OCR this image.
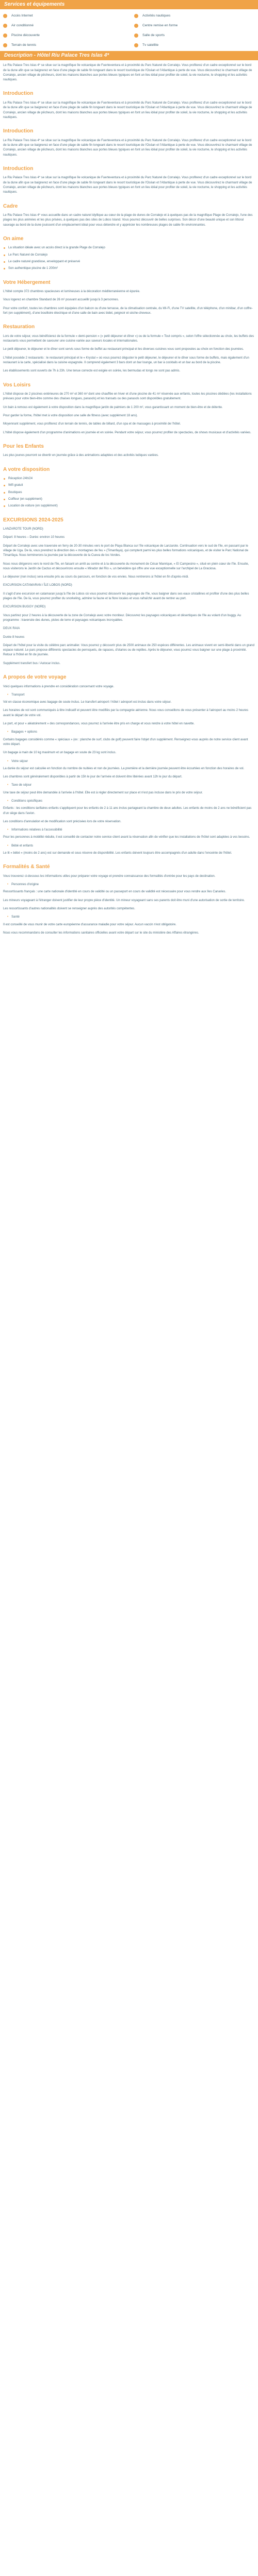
Services et équipements
Accès Internet	Activités nautiques
Air conditionné	Centre remise en forme
Piscine découverte	Salle de sports
Terrain de tennis	Tv satellite
Description - Hôtel Riu Palace Tres Islas 4*

Le Riu Palace Tres Islas 4* se situe sur la magnifique île volcanique de Fuerteventura et à proximité du Parc Naturel de Corralejo. Vous profiterez d'un cadre exceptionnel sur le bord de la dune afin que se baignerez en face d'une plage de sable fin longeant dans le resort touristique de l'Océan et l'Atlantique à perte de vue. Vous découvrirez le charmant village de Corralejo, ancien village de pêcheurs, dont les maisons blanches aux portes bleues typiques en font un lieu idéal pour profiter de soleil, la vie nocturne, le shopping et les activités nautiques.

Introduction

Le Riu Palace Tres Islas 4* se situe sur la magnifique île volcanique de Fuerteventura et à proximité du Parc Naturel de Corralejo. Vous profiterez d'un cadre exceptionnel sur le bord de la dune afin que se baignerez en face d'une plage de sable fin longeant dans le resort touristique de l'Océan et l'Atlantique à perte de vue. Vous découvrirez le charmant village de Corralejo, ancien village de pêcheurs, dont les maisons blanches aux portes bleues typiques en font un lieu idéal pour profiter de soleil, la vie nocturne, le shopping et les activités nautiques.

Introduction

Le Riu Palace Tres Islas 4* se situe sur la magnifique île volcanique de Fuerteventura et à proximité du Parc Naturel de Corralejo. Vous profiterez d'un cadre exceptionnel sur le bord de la dune afin que se baignerez en face d'une plage de sable fin longeant dans le resort touristique de l'Océan et l'Atlantique à perte de vue. Vous découvrirez le charmant village de Corralejo, ancien village de pêcheurs, dont les maisons blanches aux portes bleues typiques en font un lieu idéal pour profiter de soleil, la vie nocturne, le shopping et les activités nautiques.

Introduction

Le Riu Palace Tres Islas 4* se situe sur la magnifique île volcanique de Fuerteventura et à proximité du Parc Naturel de Corralejo. Vous profiterez d'un cadre exceptionnel sur le bord de la dune afin que se baignerez en face d'une plage de sable fin longeant dans le resort touristique de l'Océan et l'Atlantique à perte de vue. Vous découvrirez le charmant village de Corralejo, ancien village de pêcheurs, dont les maisons blanches aux portes bleues typiques en font un lieu idéal pour profiter de soleil, la vie nocturne, le shopping et les activités nautiques.

Cadre

Le Riu Palace Tres Islas 4* vous accueille dans un cadre naturel idyllique au cœur de la plage de dunes de Corralejo et à quelques pas de la magnifique Plage de Corralejo, l'une des plages les plus animées et les plus prisées, à quelques pas des sites de Lobos Island. Vous pourrez découvrir de belles surprises. Son décor d'une beauté unique et son littoral sauvage au bord de la dune jouissent d'un emplacement idéal pour vous détendre et y apprécier les nombreuses plages de sable fin environnantes.

On aime
La situation idéale avec un accès direct à la grande Plage de Corralejo
Le Parc Naturel de Corralejo
Le cadre naturel grandiose, enveloppant et préservé
Son authentique piscine de 1 200m²
Votre Hébergement

L'hôtel compte 372 chambres spacieuses et lumineuses à la décoration méditerranéenne et épurée.

Vous logerez en chambre Standard de 26 m² pouvant accueillir jusqu'à 3 personnes.

Pour votre confort, toutes les chambres sont équipées d'un balcon ou d'une terrasse, de la climatisation centrale, du Wi-Fi, d'une TV satellite, d'un téléphone, d'un minibar, d'un coffre-fort (en supplément), d'une bouilloire électrique et d'une salle de bain avec bidet, peignoir et sèche-cheveux.

Restauration

Lors de votre séjour, vous bénéficierez de la formule « demi-pension » (« petit déjeuner et dîner ») ou de la formule « Tout compris », selon l'offre sélectionnée au choix, les buffets des restaurants vous permettent de savourer une cuisine variée aux saveurs locales et internationales.

Le petit déjeuner, le déjeuner et le dîner sont servis sous forme de buffet au restaurant principal et les diverses cuisines vous sont proposées au choix en fonction des journées.

L'hôtel possède 2 restaurants : le restaurant principal et le « Krystal » où vous pourrez déguster le petit déjeuner, le déjeuner et le dîner sous forme de buffets, mais également d'un restaurant à la carte, spécialisé dans la cuisine espagnole. Il comprend également 3 bars dont un bar lounge, un bar à cocktails et un bar au bord de la piscine.

Les établissements sont ouverts de 7h à 23h. Une tenue correcte est exigée en soirée, les bermudas et tongs ne sont pas admis.

Vos Loisirs

L'hôtel dispose de 2 piscines extérieures de 270 m² et 360 m² dont une chauffée en hiver et d'une piscine de 41 m² réservée aux enfants, toutes les piscines dédiées (les installations prévues pour votre bien-être comme des chaises longues, parasols) et les transats ou des parasols sont disponibles gratuitement.

Un bain à remous est également à votre disposition dans la magnifique jardin de palmiers de 1 200 m², vous garantissant un moment de bien-être et de détente.

Pour garder la forme, l'hôtel met à votre disposition une salle de fitness (avec supplément 18 ans).

Moyennant supplément, vous profiterez d'un terrain de tennis, de tables de billard, d'un spa et de massages à proximité de l'hôtel.

L'hôtel dispose également d'un programme d'animations en journée et en soirée. Pendant votre séjour, vous pourrez profiter de spectacles, de shows musicaux et d'activités variées.

Pour les Enfants

Les plus jeunes pourront se divertir en journée grâce à des animations adaptées et des activités ludiques variées.

A votre disposition
Réception 24h/24
Wifi gratuit
Boutiques
Coiffeur (en supplément)
Location de voiture (en supplément)
EXCURSIONS 2024-2025

LANZAROTE TOUR (NORD)

Départ: 8 heures – Durée: environ 10 heures

Départ de Corralejo avec une traversée en ferry de 20-30 minutes vers le port de Playa Blanca sur l'île volcanique de Lanzarote. Continuation vers le sud de l'île, en passant par le village de Uga. De là, vous prendrez la direction des « montagnes de feu » (Timanfaya), qui comptent parmi les plus belles formations volcaniques, et de visiter le Parc National de Timanfaya. Nous terminerons la journée par la découverte de la Cueva de los Verdes.

Nous nous dirigerons vers le nord de l'île, en faisant un arrêt au centre et à la découverte du monument de César Manrique, « El Campesino », situé en plein cœur de l'île. Ensuite, nous visiterons le Jardín de Cactus et découvrirons ensuite « Mirador del Río », un belvédère qui offre une vue exceptionnelle sur l'archipel de La Graciosa.

Le déjeuner (non inclus) sera ensuite pris au cours du parcours, en fonction de vos envies. Nous rentrerons à l'hôtel en fin d'après-midi.

EXCURSION CATAMARAN / ÎLE LOBOS (NORD)

Il s'agit d'une excursion en catamaran jusqu'à l'île de Lobos où vous pourrez découvrir les paysages de l'île, vous baigner dans ses eaux cristallines et profiter d'une des plus belles plages de l'île. De là, vous pourrez profiter du snorkeling, admirer la faune et la flore locales et vous rafraîchir avant de rentrer au port.

EXCURSION BUGGY (NORD)

Vous partirez pour 2 heures à la découverte de la zone de Corralejo avec votre moniteur. Découvrez les paysages volcaniques et désertiques de l'île au volant d'un buggy. Au programme : traversée des dunes, pistes de terre et paysages volcaniques incroyables.

DEUX RAIA

Durée 8 heures

Départ de l'hôtel pour la visite du célèbre parc animalier. Vous pourrez y découvrir plus de 2500 animaux de 250 espèces différentes. Les animaux vivent en semi-liberté dans un grand espace naturel. Le parc propose différents spectacles de perroquets, de rapaces, d'otaries ou de reptiles. Après le déjeuner, vous pourrez vous baigner sur une plage à proximité. Retour à l'hôtel en fin de journée.

Supplément transfert bus / Autocar inclus.

A propos de votre voyage

Voici quelques informations à prendre en considération concernant votre voyage.

• Transport

Vol en classe économique avec bagage de soute inclus. Le transfert aéroport / hôtel / aéroport est inclus dans votre séjour.

Les horaires de vol sont communiqués à titre indicatif et peuvent être modifiés par la compagnie aérienne. Nous vous conseillons de vous présenter à l'aéroport au moins 2 heures avant le départ de votre vol.

Le port, et pour « aléatoirement » des correspondances, vous pourrez à l'arrivée être pris en charge et vous rendre à votre hôtel en navette.

• Bagages + options

Certains bagages considérés comme « spéciaux » (ex : planche de surf, clubs de golf) peuvent faire l'objet d'un supplément. Renseignez-vous auprès de notre service client avant votre départ.

Un bagage à main de 10 kg maximum et un bagage en soute de 23 kg sont inclus.

• Votre séjour

La durée du séjour est calculée en fonction du nombre de nuitées et non de journées. La première et la dernière journée peuvent être écourtées en fonction des horaires de vol.

Les chambres sont généralement disponibles à partir de 15h le jour de l'arrivée et doivent être libérées avant 12h le jour du départ.

• Taxe de séjour

Une taxe de séjour peut être demandée à l'arrivée à l'hôtel. Elle est à régler directement sur place et n'est pas incluse dans le prix de votre séjour.

• Conditions spécifiques

Enfants : les conditions tarifaires enfants s'appliquent pour les enfants de 2 à 11 ans inclus partageant la chambre de deux adultes. Les enfants de moins de 2 ans ne bénéficient pas d'un siège dans l'avion.

Les conditions d'annulation et de modification sont précisées lors de votre réservation.

• Informations relatives à l'accessibilité

Pour les personnes à mobilité réduite, il est conseillé de contacter notre service client avant la réservation afin de vérifier que les installations de l'hôtel sont adaptées à vos besoins.

• Bébé et enfants

Le lit « bébé » (moins de 2 ans) est sur demande et sous réserve de disponibilité. Les enfants doivent toujours être accompagnés d'un adulte dans l'enceinte de l'hôtel.

Formalités & Santé

Vous trouverez ci-dessous les informations utiles pour préparer votre voyage et prendre connaissance des formalités d'entrée pour les pays de destination.

• Personnes d'origine

Ressortissants français : une carte nationale d'identité en cours de validité ou un passeport en cours de validité est nécessaire pour vous rendre aux îles Canaries.

Les mineurs voyageant à l'étranger doivent justifier de leur propre pièce d'identité. Un mineur voyageant sans ses parents doit être muni d'une autorisation de sortie de territoire.

Les ressortissants d'autres nationalités doivent se renseigner auprès des autorités compétentes.

• Santé

Il est conseillé de vous munir de votre carte européenne d'assurance maladie pour votre séjour. Aucun vaccin n'est obligatoire.

Nous vous recommandons de consulter les informations sanitaires officielles avant votre départ sur le site du ministère des Affaires étrangères.
